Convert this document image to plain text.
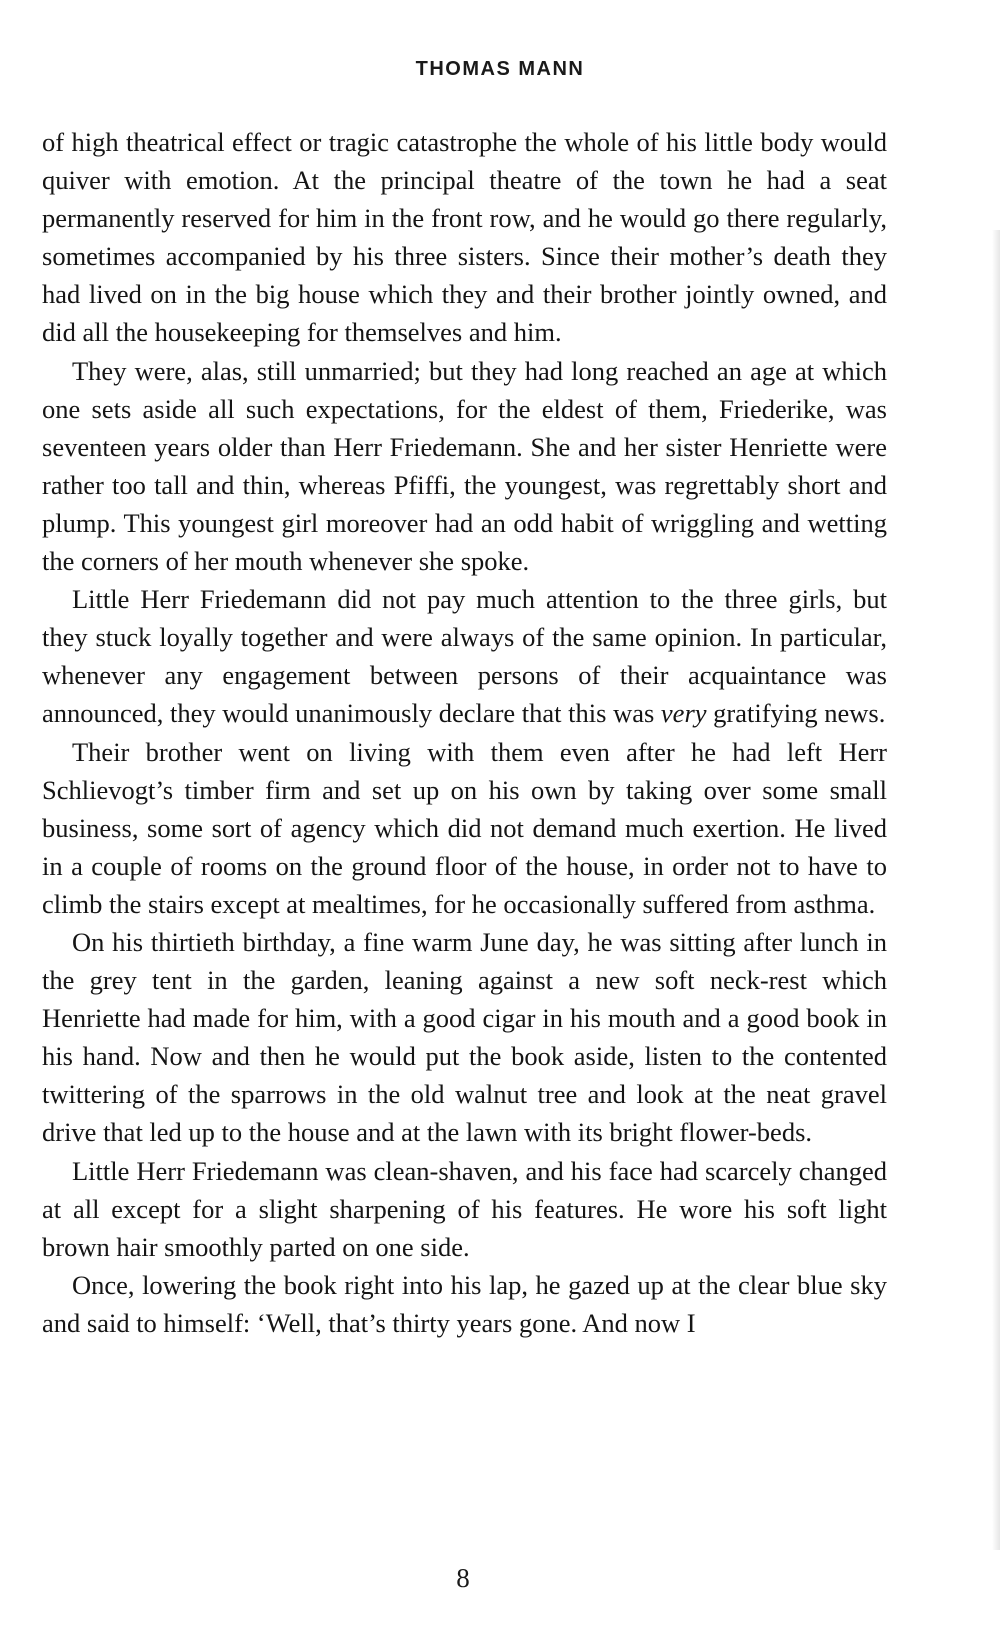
THOMAS MANN

of high theatrical effect or tragic catastrophe the whole of his little body would quiver with emotion. At the principal theatre of the town he had a seat permanently reserved for him in the front row, and he would go there regularly, sometimes accompanied by his three sisters. Since their mother’s death they had lived on in the big house which they and their brother jointly owned, and did all the housekeeping for themselves and him.

They were, alas, still unmarried; but they had long reached an age at which one sets aside all such expectations, for the eldest of them, Friederike, was seventeen years older than Herr Friedemann. She and her sister Henriette were rather too tall and thin, whereas Pfiffi, the youngest, was regrettably short and plump. This youngest girl moreover had an odd habit of wriggling and wetting the corners of her mouth whenever she spoke.

Little Herr Friedemann did not pay much attention to the three girls, but they stuck loyally together and were always of the same opinion. In particular, whenever any engagement between persons of their acquaintance was announced, they would unanimously declare that this was very gratifying news.

Their brother went on living with them even after he had left Herr Schlievogt’s timber firm and set up on his own by taking over some small business, some sort of agency which did not demand much exertion. He lived in a couple of rooms on the ground floor of the house, in order not to have to climb the stairs except at mealtimes, for he occasionally suffered from asthma.

On his thirtieth birthday, a fine warm June day, he was sitting after lunch in the grey tent in the garden, leaning against a new soft neck-rest which Henriette had made for him, with a good cigar in his mouth and a good book in his hand. Now and then he would put the book aside, listen to the contented twittering of the sparrows in the old walnut tree and look at the neat gravel drive that led up to the house and at the lawn with its bright flower-beds.

Little Herr Friedemann was clean-shaven, and his face had scarcely changed at all except for a slight sharpening of his features. He wore his soft light brown hair smoothly parted on one side.

Once, lowering the book right into his lap, he gazed up at the clear blue sky and said to himself: ‘Well, that’s thirty years gone. And now I

8
